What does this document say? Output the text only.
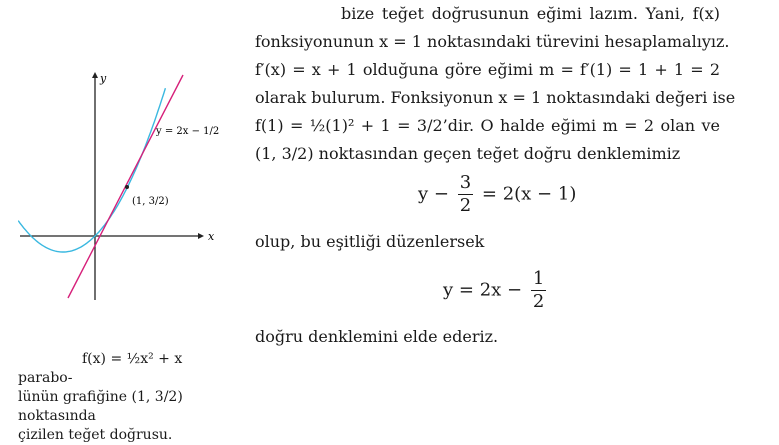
x
y
y = 2x − 1/2
(1, 3/2)
f(x) = ½x² + x parabo-
lünün grafiğine (1, 3/2) noktasında
çizilen teğet doğrusu.
bize teğet doğrusunun eğimi lazım. Yani, f(x)
fonksiyonunun x = 1 noktasındaki türevini hesaplamalıyız.
f′(x) = x + 1 olduğuna göre eğimi m = f′(1) = 1 + 1 = 2
olarak bulurum. Fonksiyonun x = 1 noktasındaki değeri ise
f(1) = ½(1)² + 1 = 3/2’dir. O halde eğimi m = 2 olan ve
(1, 3/2) noktasından geçen teğet doğru denklemimiz
$y - \frac{3}{2} = 2(x - 1)$
olup, bu eşitliği düzenlersek
$y = 2x - \frac{1}{2}$
doğru denklemini elde ederiz.
